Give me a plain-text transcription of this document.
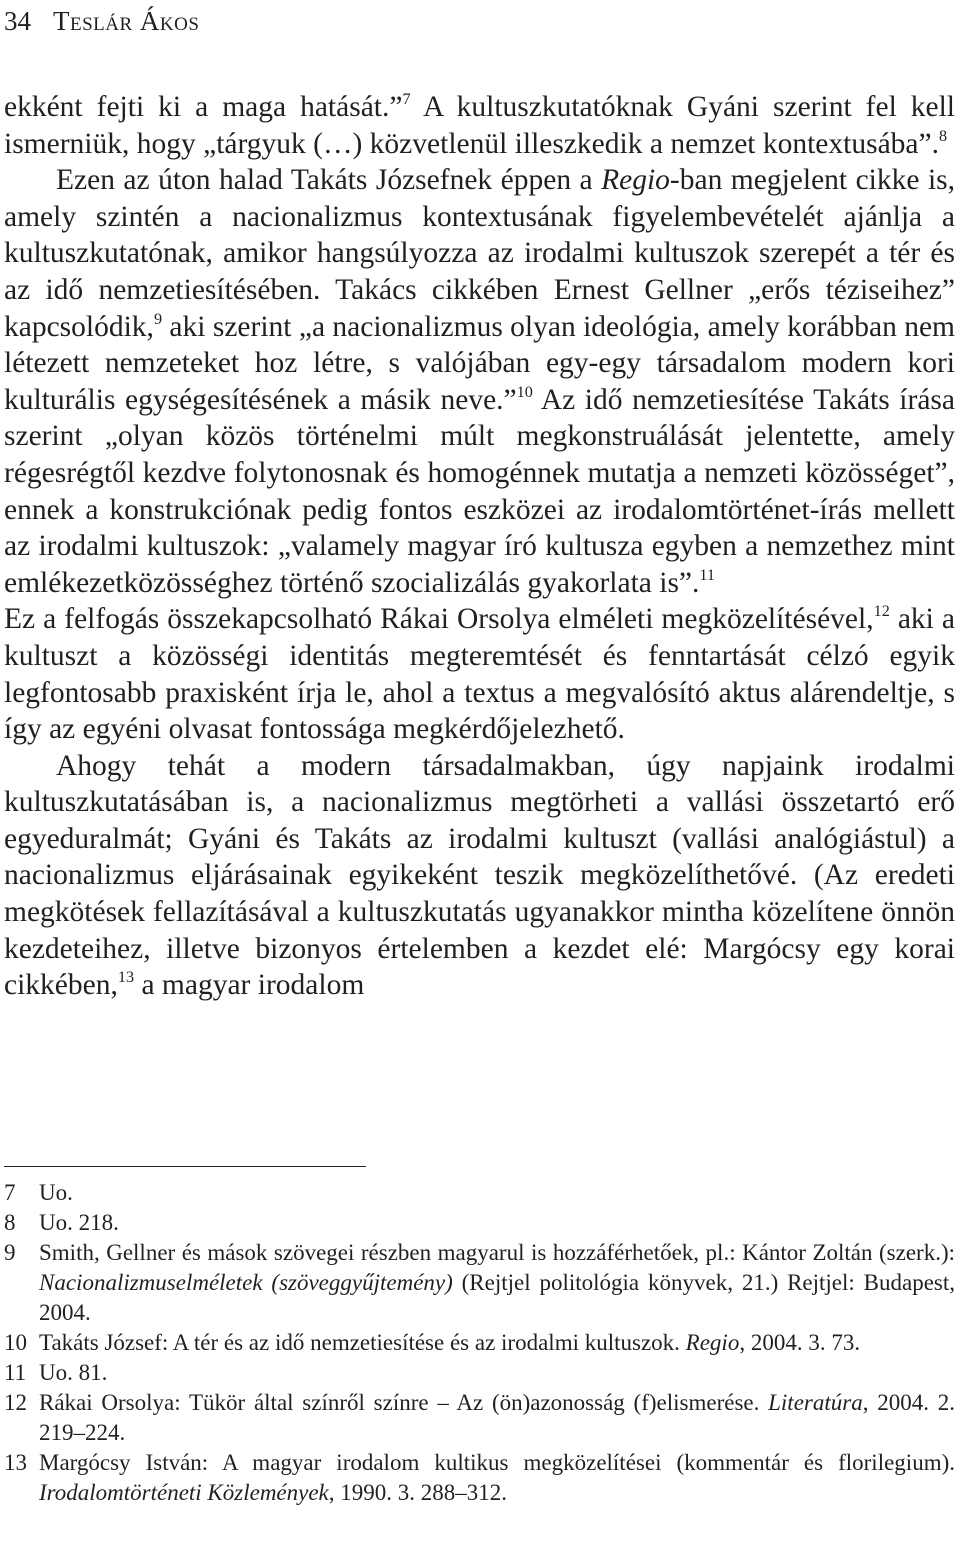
34 Teslár Ákos

ekként fejti ki a maga hatását.”$^7$ A kultuszkutatóknak Gyáni szerint fel kell ismerniük, hogy „tárgyuk (…) közvetlenül illeszkedik a nemzet kontextusába”.$^8$

Ezen az úton halad Takáts Józsefnek éppen a Regio-ban megjelent cikke is, amely szintén a nacionalizmus kontextusának figyelembevételét ajánlja a kultuszkutatónak, amikor hangsúlyozza az irodalmi kultuszok szerepét a tér és az idő nemzetiesítésében. Takács cikkében Ernest Gellner „erős téziseihez” kapcsolódik,$^9$ aki szerint „a nacionalizmus olyan ideológia, amely korábban nem létezett nemzeteket hoz létre, s valójában egy-egy társadalom modern kori kulturális egységesítésének a másik neve.”$^{10}$ Az idő nemzetiesítése Takáts írása szerint „olyan közös történelmi múlt megkonstruálását jelentette, amely régesrégtől kezdve folytonosnak és homogénnek mutatja a nemzeti közösséget”, ennek a konstrukciónak pedig fontos eszközei az irodalomtörténet-írás mellett az irodalmi kultuszok: „valamely magyar író kultusza egyben a nemzethez mint emlékezetközösséghez történő szocializálás gyakorlata is”.$^{11}$

Ez a felfogás összekapcsolható Rákai Orsolya elméleti megközelítésével,$^{12}$ aki a kultuszt a közösségi identitás megteremtését és fenntartását célzó egyik legfontosabb praxisként írja le, ahol a textus a megvalósító aktus alárendeltje, s így az egyéni olvasat fontossága megkérdőjelezhető.

Ahogy tehát a modern társadalmakban, úgy napjaink irodalmi kultuszkutatásában is, a nacionalizmus megtörheti a vallási összetartó erő egyeduralmát; Gyáni és Takáts az irodalmi kultuszt (vallási analógiástul) a nacionalizmus eljárásainak egyikeként teszik megközelíthetővé. (Az eredeti megkötések fellazításával a kultuszkutatás ugyanakkor mintha közelítene önnön kezdeteihez, illetve bizonyos értelemben a kezdet elé: Margócsy egy korai cikkében,$^{13}$ a magyar irodalom

7 Uo.
8 Uo. 218.
9 Smith, Gellner és mások szövegei részben magyarul is hozzáférhetőek, pl.: Kántor Zoltán (szerk.): Nacionalizmuselméletek (szöveggyűjtemény) (Rejtjel politológia könyvek, 21.) Rejtjel: Budapest, 2004.
10 Takáts József: A tér és az idő nemzetiesítése és az irodalmi kultuszok. Regio, 2004. 3. 73.
11 Uo. 81.
12 Rákai Orsolya: Tükör által színről színre – Az (ön)azonosság (f)elismerése. Literatúra, 2004. 2. 219–224.
13 Margócsy István: A magyar irodalom kultikus megközelítései (kommentár és florilegium). Irodalomtörténeti Közlemények, 1990. 3. 288–312.
